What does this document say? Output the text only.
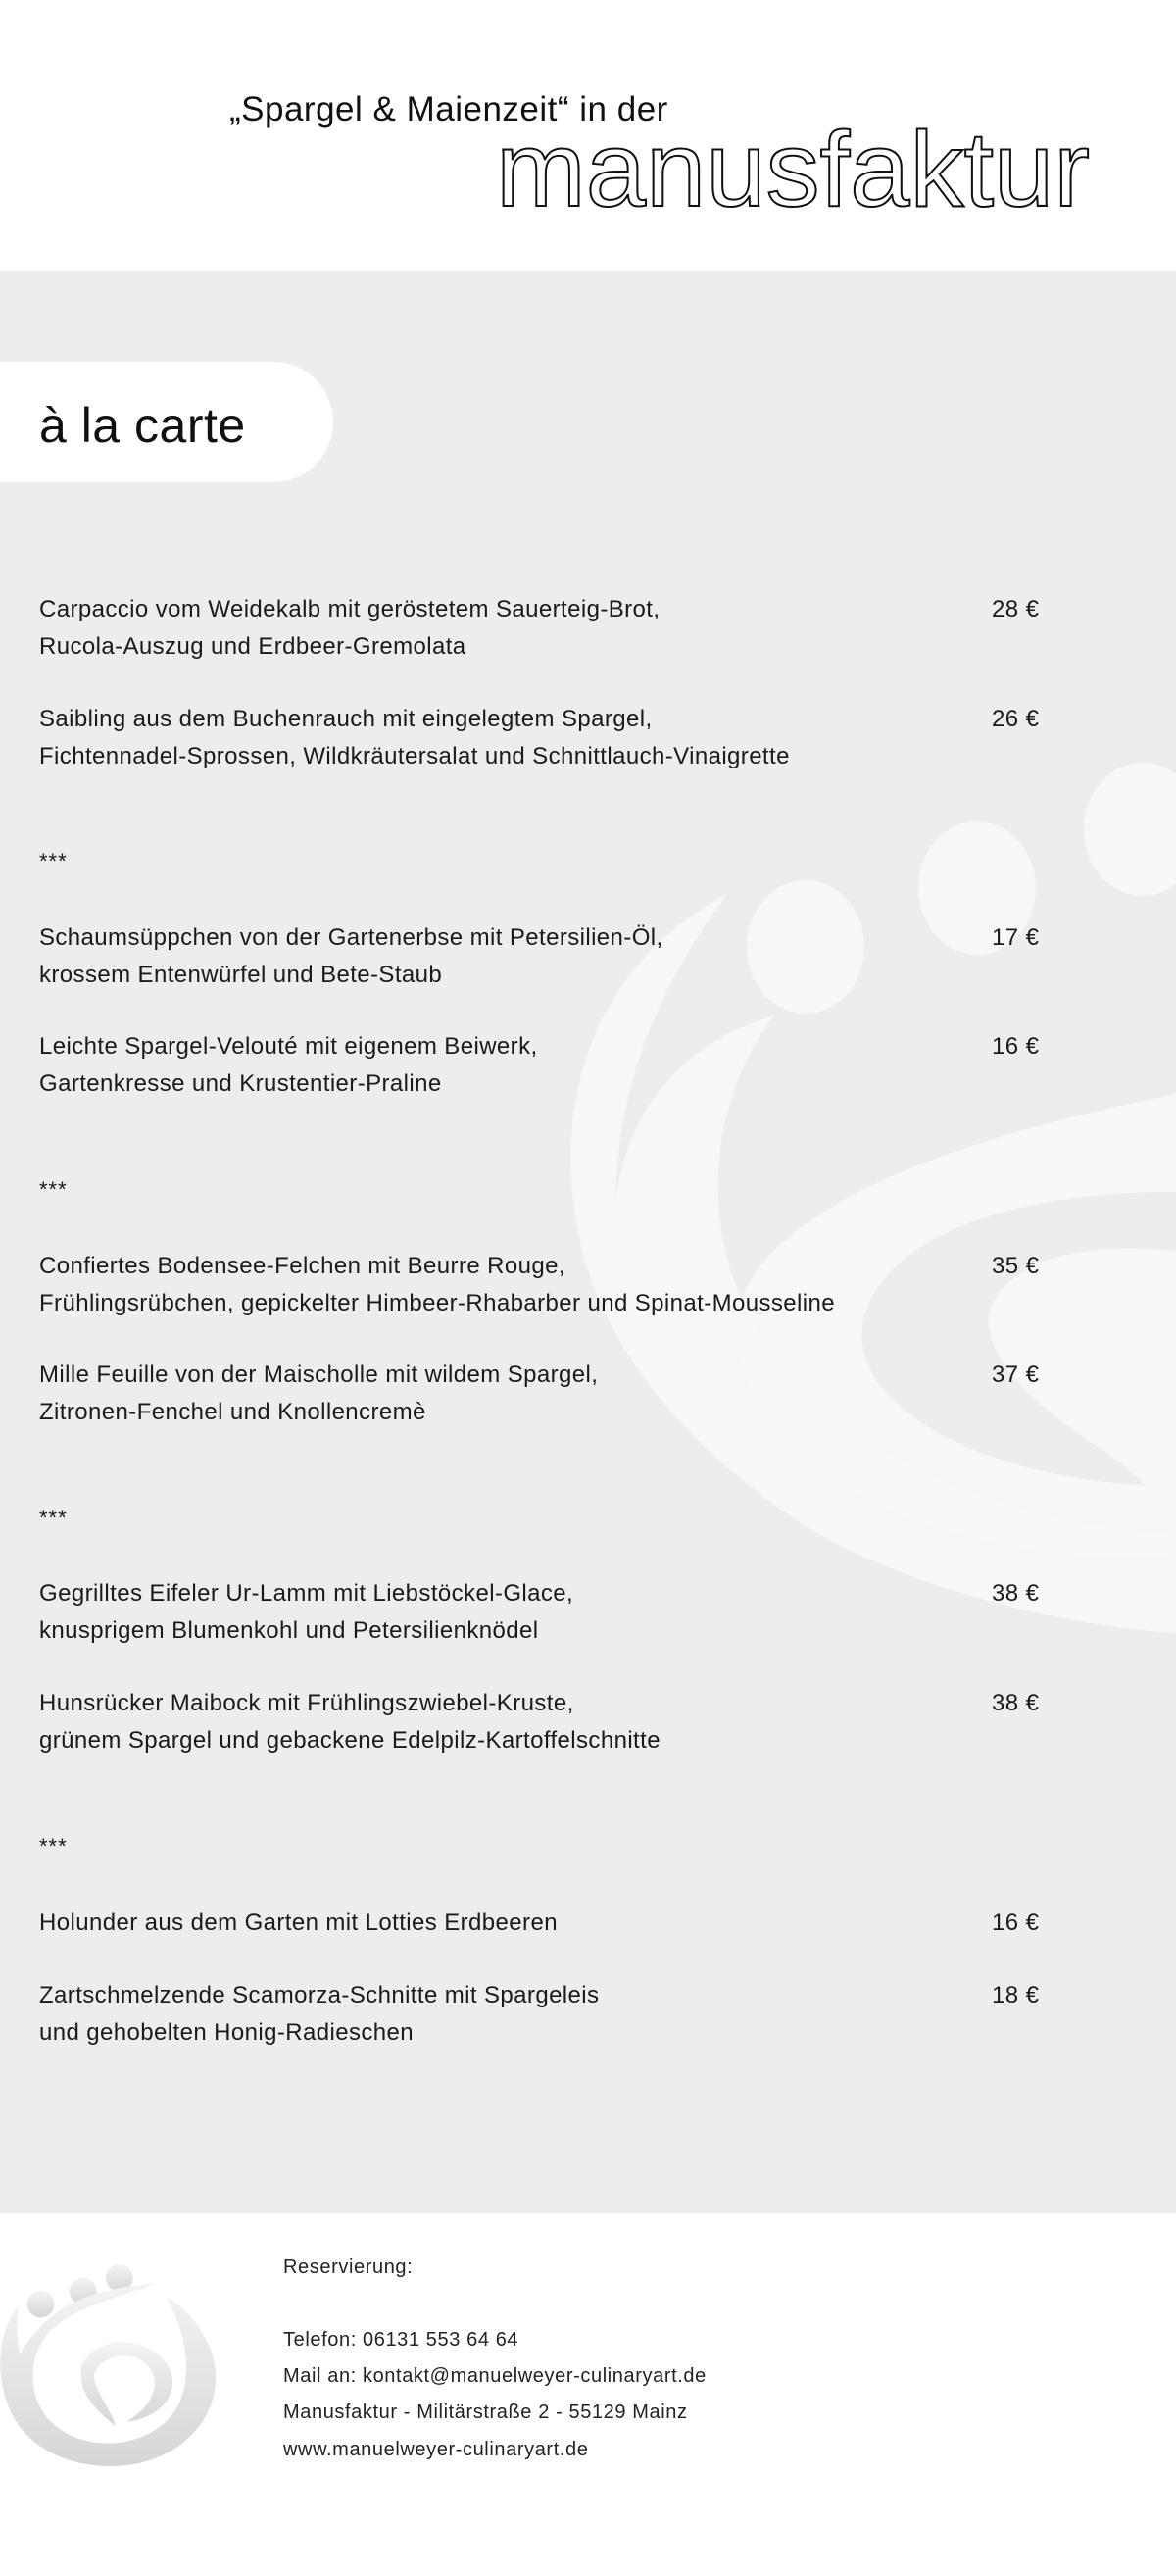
„Spargel & Maienzeit“ in der
manusfaktur
à la carte
Carpaccio vom Weidekalb mit geröstetem Sauerteig-Brot,
Rucola-Auszug und Erdbeer-Gremolata
28 €
Saibling aus dem Buchenrauch mit eingelegtem Spargel,
Fichtennadel-Sprossen, Wildkräutersalat und Schnittlauch-Vinaigrette
26 €
***
Schaumsüppchen von der Gartenerbse mit Petersilien-Öl,
krossem Entenwürfel und Bete-Staub
17 €
Leichte Spargel-Velouté mit eigenem Beiwerk,
Gartenkresse und Krustentier-Praline
16 €
***
Confiertes Bodensee-Felchen mit Beurre Rouge,
Frühlingsrübchen, gepickelter Himbeer-Rhabarber und Spinat-Mousseline
35 €
Mille Feuille von der Maischolle mit wildem Spargel,
Zitronen-Fenchel und Knollencremè
37 €
***
Gegrilltes Eifeler Ur-Lamm mit Liebstöckel-Glace,
knusprigem Blumenkohl und Petersilienknödel
38 €
Hunsrücker Maibock mit Frühlingszwiebel-Kruste,
grünem Spargel und gebackene Edelpilz-Kartoffelschnitte
38 €
***
Holunder aus dem Garten mit Lotties Erdbeeren	16 €
Zartschmelzende Scamorza-Schnitte mit Spargeleis
und gehobelten Honig-Radieschen
18 €
Reservierung:
Telefon: 06131 553 64 64
Mail an: kontakt@manuelweyer-culinaryart.de
Manusfaktur - Militärstraße 2 - 55129 Mainz
www.manuelweyer-culinaryart.de
